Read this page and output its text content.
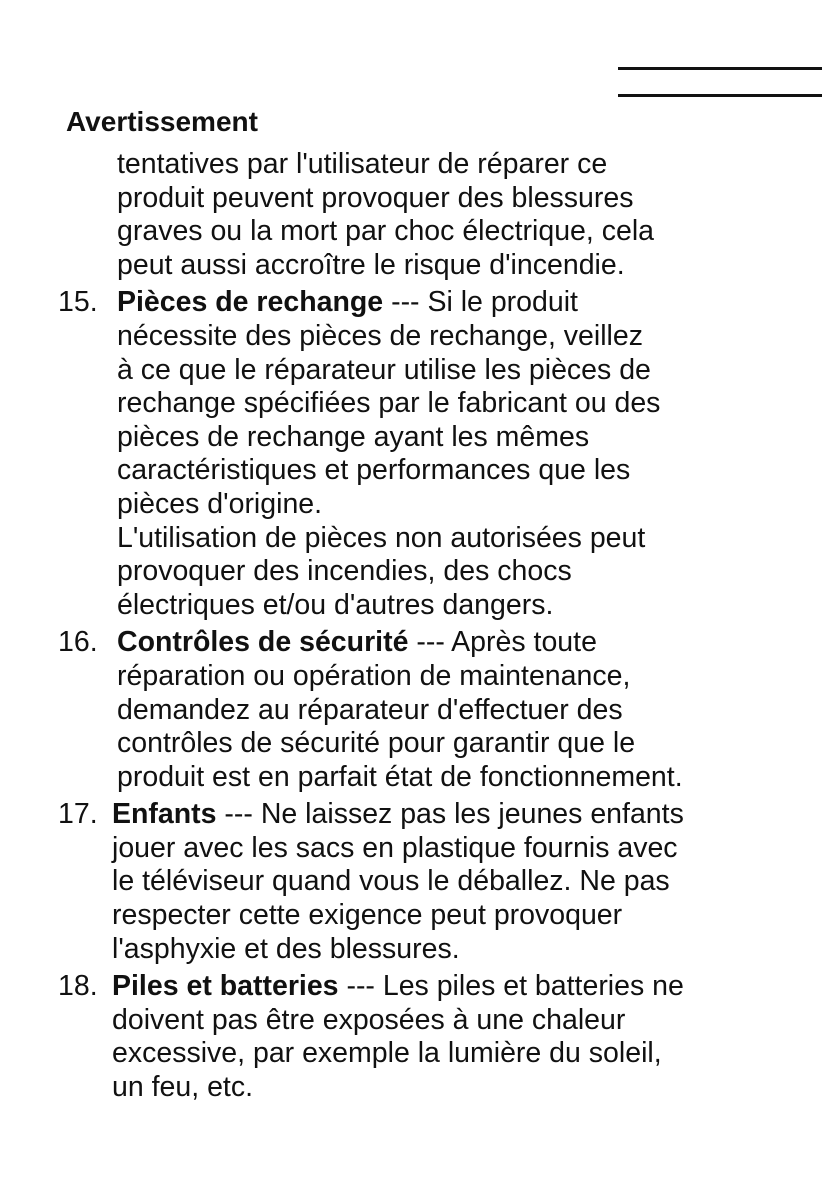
Avertissement

tentatives par l'utilisateur de réparer ce
produit peuvent provoquer des blessures
graves ou la mort par choc électrique, cela
peut aussi accroître le risque d'incendie.

15. Pièces de rechange --- Si le produit
nécessite des pièces de rechange, veillez
à ce que le réparateur utilise les pièces de
rechange spécifiées par le fabricant ou des
pièces de rechange ayant les mêmes
caractéristiques et performances que les
pièces d'origine.
L'utilisation de pièces non autorisées peut
provoquer des incendies, des chocs
électriques et/ou d'autres dangers.

16. Contrôles de sécurité --- Après toute
réparation ou opération de maintenance,
demandez au réparateur d'effectuer des
contrôles de sécurité pour garantir que le
produit est en parfait état de fonctionnement.

17. Enfants --- Ne laissez pas les jeunes enfants
jouer avec les sacs en plastique fournis avec
le téléviseur quand vous le déballez. Ne pas
respecter cette exigence peut provoquer
l'asphyxie et des blessures.

18. Piles et batteries --- Les piles et batteries ne
doivent pas être exposées à une chaleur
excessive, par exemple la lumière du soleil,
un feu, etc.
